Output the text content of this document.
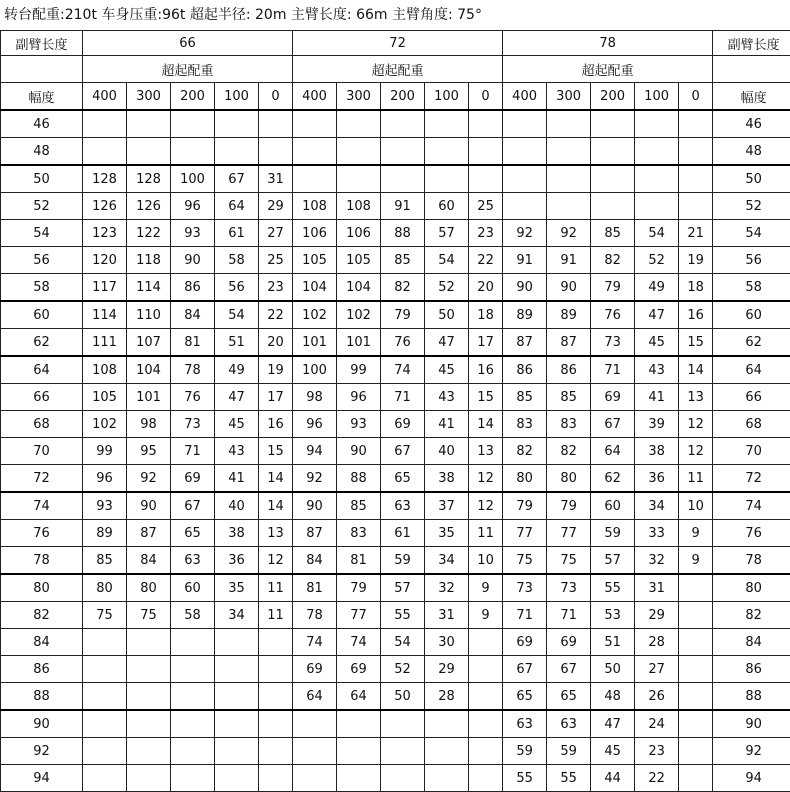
转台配重:210t 车身压重:96t 超起半径: 20m 主臂长度: 66m 主臂角度: 75°
副臂长度	66					72					78					副臂长度
	超起配重					超起配重					超起配重					
幅度	400	300	200	100	0	400	300	200	100	0	400	300	200	100	0	幅度
46																46
48																48
50	128	128	100	67	31											50
52	126	126	96	64	29	108	108	91	60	25						52
54	123	122	93	61	27	106	106	88	57	23	92	92	85	54	21	54
56	120	118	90	58	25	105	105	85	54	22	91	91	82	52	19	56
58	117	114	86	56	23	104	104	82	52	20	90	90	79	49	18	58
60	114	110	84	54	22	102	102	79	50	18	89	89	76	47	16	60
62	111	107	81	51	20	101	101	76	47	17	87	87	73	45	15	62
64	108	104	78	49	19	100	99	74	45	16	86	86	71	43	14	64
66	105	101	76	47	17	98	96	71	43	15	85	85	69	41	13	66
68	102	98	73	45	16	96	93	69	41	14	83	83	67	39	12	68
70	99	95	71	43	15	94	90	67	40	13	82	82	64	38	12	70
72	96	92	69	41	14	92	88	65	38	12	80	80	62	36	11	72
74	93	90	67	40	14	90	85	63	37	12	79	79	60	34	10	74
76	89	87	65	38	13	87	83	61	35	11	77	77	59	33	9	76
78	85	84	63	36	12	84	81	59	34	10	75	75	57	32	9	78
80	80	80	60	35	11	81	79	57	32	9	73	73	55	31		80
82	75	75	58	34	11	78	77	55	31	9	71	71	53	29		82
84						74	74	54	30		69	69	51	28		84
86						69	69	52	29		67	67	50	27		86
88						64	64	50	28		65	65	48	26		88
90											63	63	47	24		90
92											59	59	45	23		92
94											55	55	44	22		94
